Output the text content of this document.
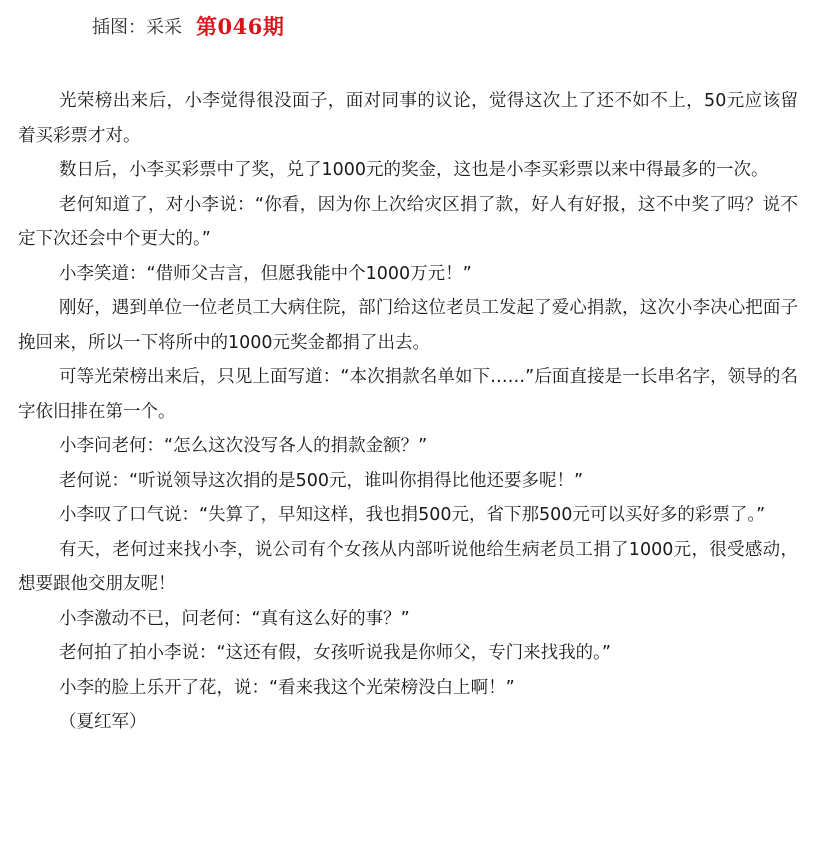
插图：采采 第046期

光荣榜出来后，小李觉得很没面子，面对同事的议论，觉得这次上了还不如不上，50元应该留着买彩票才对。

数日后，小李买彩票中了奖，兑了1000元的奖金，这也是小李买彩票以来中得最多的一次。

老何知道了，对小李说：“你看，因为你上次给灾区捐了款，好人有好报，这不中奖了吗？说不定下次还会中个更大的。”

小李笑道：“借师父吉言，但愿我能中个1000万元！”

刚好，遇到单位一位老员工大病住院，部门给这位老员工发起了爱心捐款，这次小李决心把面子挽回来，所以一下将所中的1000元奖金都捐了出去。

可等光荣榜出来后，只见上面写道：“本次捐款名单如下……”后面直接是一长串名字，领导的名字依旧排在第一个。

小李问老何：“怎么这次没写各人的捐款金额？”

老何说：“听说领导这次捐的是500元，谁叫你捐得比他还要多呢！”

小李叹了口气说：“失算了，早知这样，我也捐500元，省下那500元可以买好多的彩票了。”

有天，老何过来找小李，说公司有个女孩从内部听说他给生病老员工捐了1000元，很受感动，想要跟他交朋友呢！

小李激动不已，问老何：“真有这么好的事？”

老何拍了拍小李说：“这还有假，女孩听说我是你师父，专门来找我的。”

小李的脸上乐开了花，说：“看来我这个光荣榜没白上啊！”

（夏红军）
